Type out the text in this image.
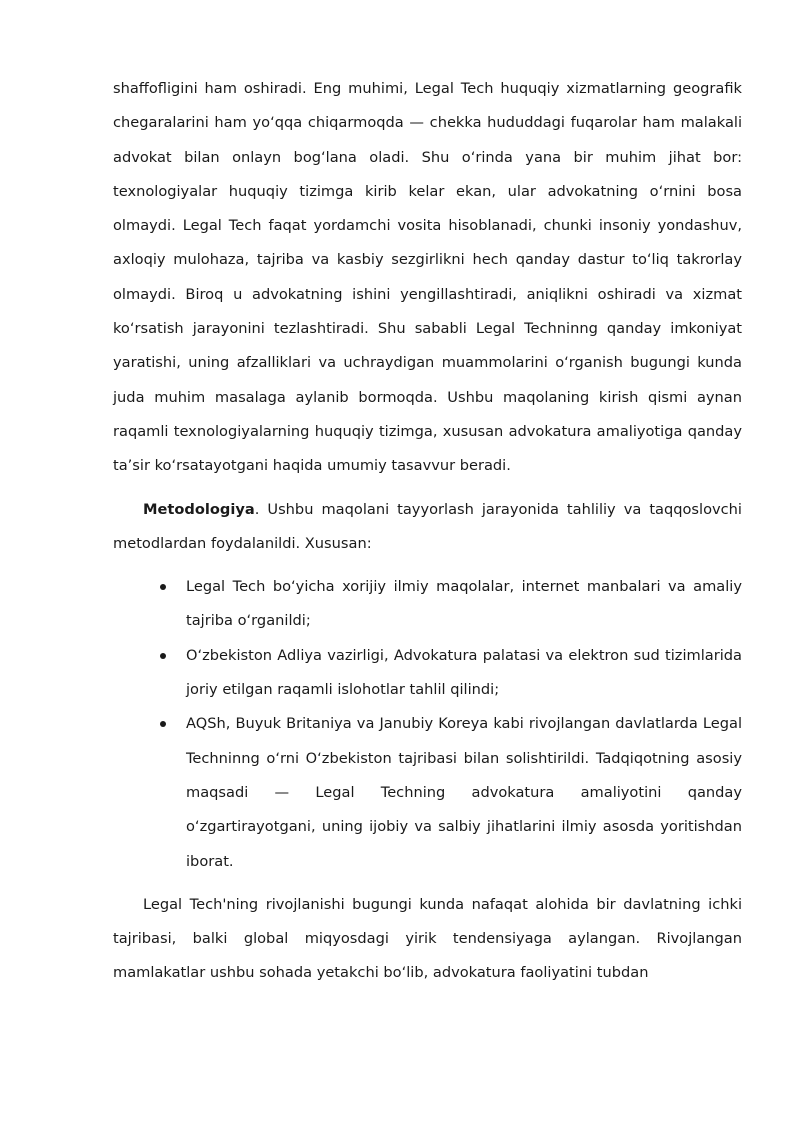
shaffofligini ham oshiradi. Eng muhimi, Legal Tech huquqiy xizmatlarning geografik chegaralarini ham yo‘qqa chiqarmoqda — chekka hududdagi fuqarolar ham malakali advokat bilan onlayn bog‘lana oladi. Shu o‘rinda yana bir muhim jihat bor: texnologiyalar huquqiy tizimga kirib kelar ekan, ular advokatning o‘rnini bosa olmaydi. Legal Tech faqat yordamchi vosita hisoblanadi, chunki insoniy yondashuv, axloqiy mulohaza, tajriba va kasbiy sezgirlikni hech qanday dastur to‘liq takrorlay olmaydi. Biroq u advokatning ishini yengillashtiradi, aniqlikni oshiradi va xizmat ko‘rsatish jarayonini tezlashtiradi. Shu sababli Legal Techninng qanday imkoniyat yaratishi, uning afzalliklari va uchraydigan muammolarini o‘rganish bugungi kunda juda muhim masalaga aylanib bormoqda. Ushbu maqolaning kirish qismi aynan raqamli texnologiyalarning huquqiy tizimga, xususan advokatura amaliyotiga qanday ta’sir ko‘rsatayotgani haqida umumiy tasavvur beradi.

Metodologiya. Ushbu maqolani tayyorlash jarayonida tahliliy va taqqoslovchi metodlardan foydalanildi. Xususan:

Legal Tech bo‘yicha xorijiy ilmiy maqolalar, internet manbalari va amaliy tajriba o‘rganildi;
O‘zbekiston Adliya vazirligi, Advokatura palatasi va elektron sud tizimlarida joriy etilgan raqamli islohotlar tahlil qilindi;
AQSh, Buyuk Britaniya va Janubiy Koreya kabi rivojlangan davlatlarda Legal Techninng o‘rni O‘zbekiston tajribasi bilan solishtirildi. Tadqiqotning asosiy maqsadi — Legal Techning advokatura amaliyotini qanday o‘zgartirayotgani, uning ijobiy va salbiy jihatlarini ilmiy asosda yoritishdan iborat.

Legal Tech'ning rivojlanishi bugungi kunda nafaqat alohida bir davlatning ichki tajribasi, balki global miqyosdagi yirik tendensiyaga aylangan. Rivojlangan mamlakatlar ushbu sohada yetakchi bo‘lib, advokatura faoliyatini tubdan
